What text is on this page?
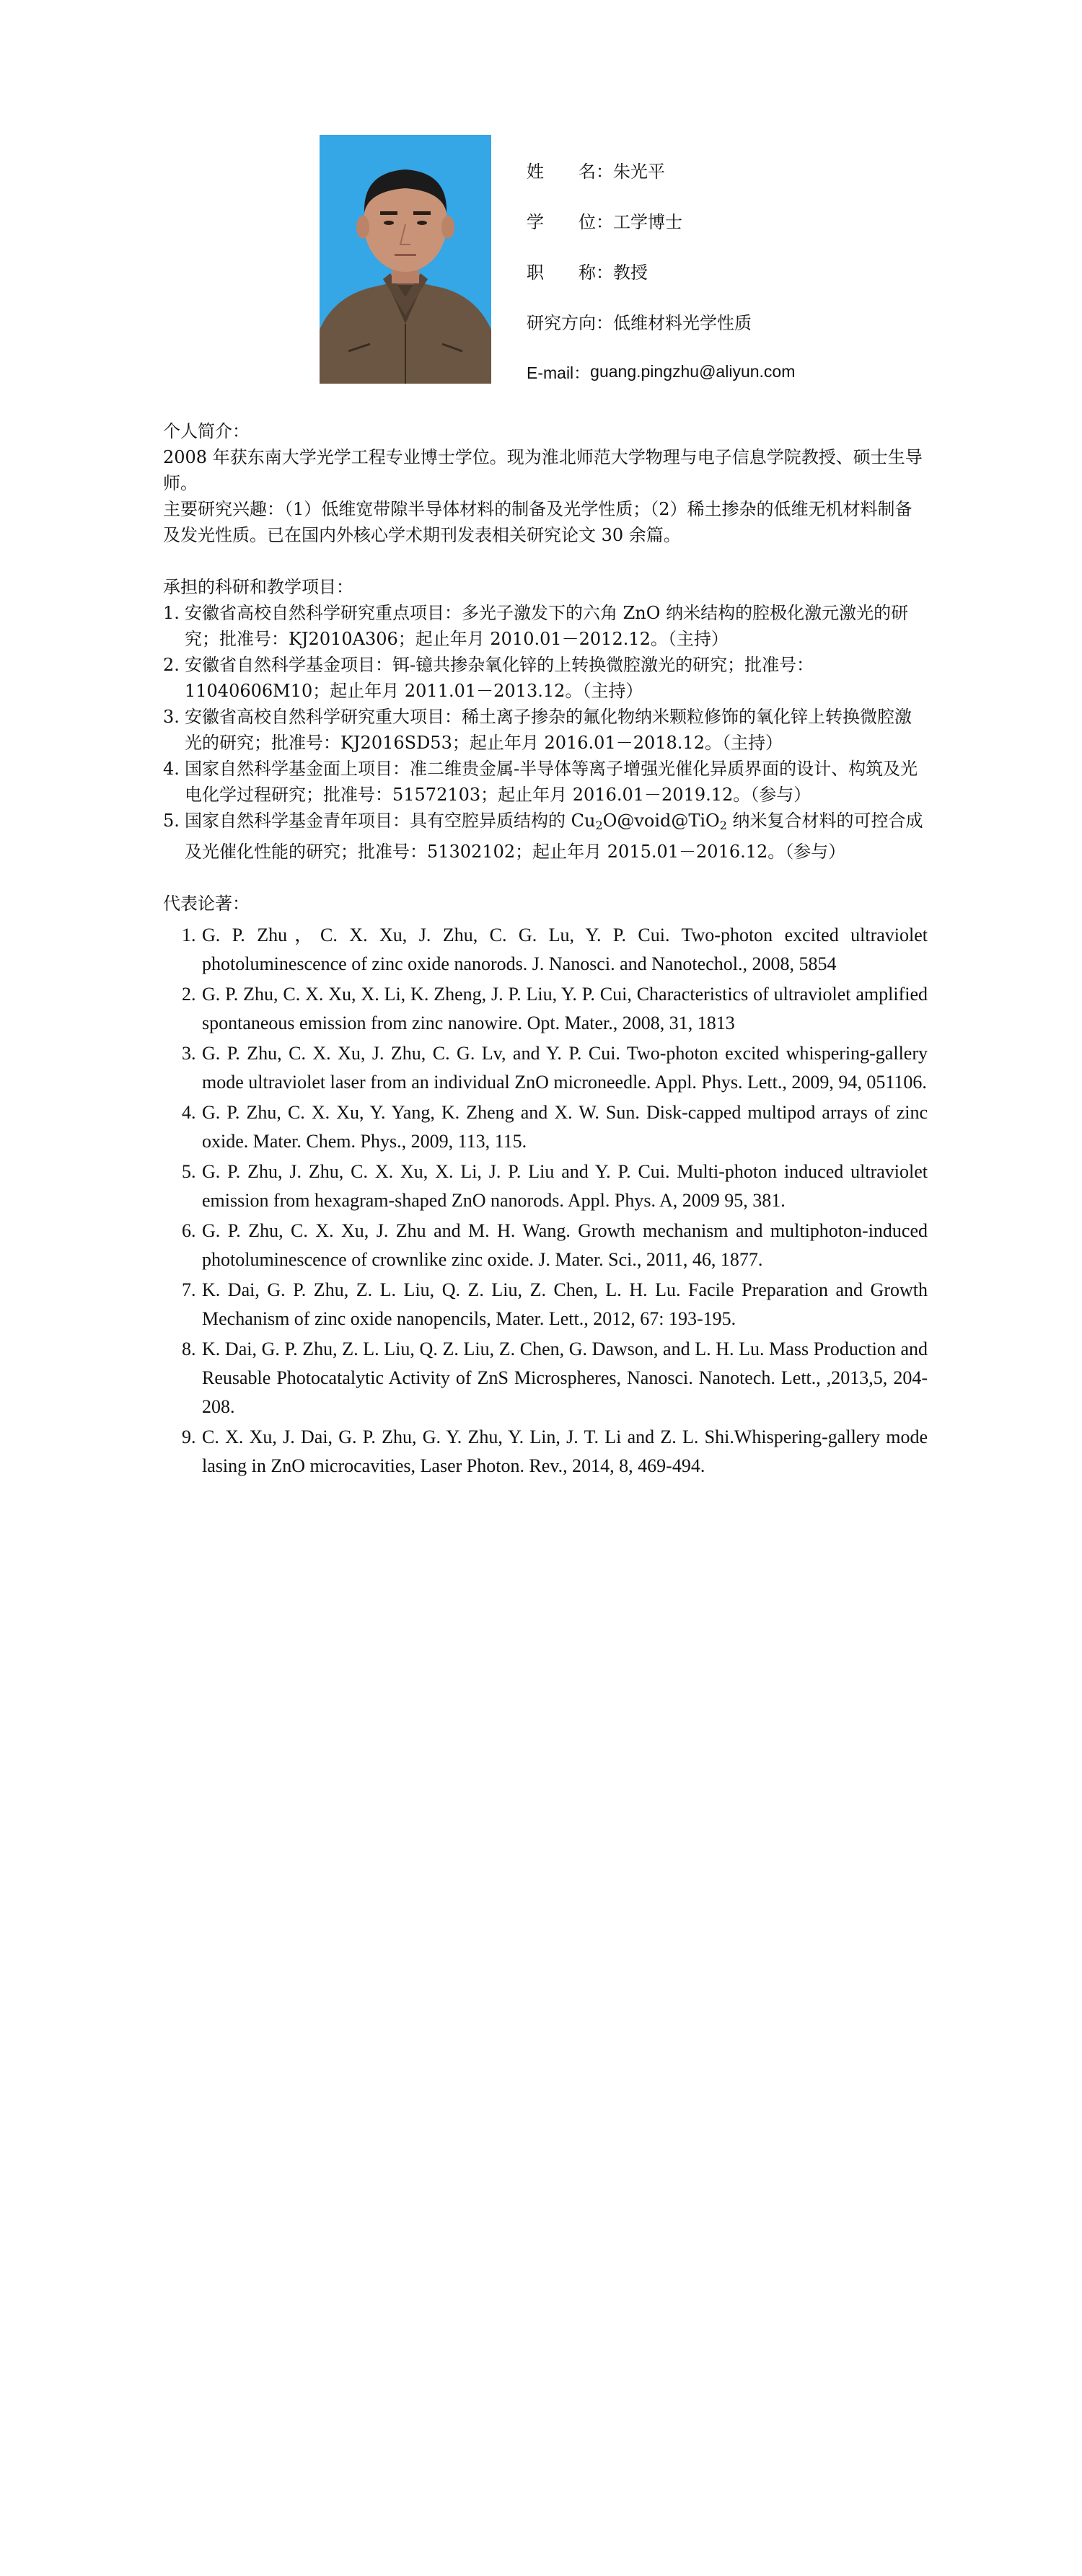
姓　　名： 朱光平
学　　位： 工学博士
职　　称： 教授
研究方向： 低维材料光学性质
E-mail： guang.pingzhu@aliyun.com

个人简介：

2008 年获东南大学光学工程专业博士学位。现为淮北师范大学物理与电子信息学院教授、硕士生导师。

主要研究兴趣：（1）低维宽带隙半导体材料的制备及光学性质；（2）稀土掺杂的低维无机材料制备及发光性质。已在国内外核心学术期刊发表相关研究论文 30 余篇。

承担的科研和教学项目：

1. 安徽省高校自然科学研究重点项目：多光子激发下的六角 ZnO 纳米结构的腔极化激元激光的研究；批准号：KJ2010A306；起止年月 2010.01－2012.12。（主持）
2. 安徽省自然科学基金项目：铒-镱共掺杂氧化锌的上转换微腔激光的研究；批准号：11040606M10；起止年月 2011.01－2013.12。（主持）
3. 安徽省高校自然科学研究重大项目：稀土离子掺杂的氟化物纳米颗粒修饰的氧化锌上转换微腔激光的研究；批准号：KJ2016SD53；起止年月 2016.01－2018.12。（主持）
4. 国家自然科学基金面上项目：准二维贵金属-半导体等离子增强光催化异质界面的设计、构筑及光电化学过程研究；批准号：51572103；起止年月 2016.01－2019.12。（参与）
5. 国家自然科学基金青年项目：具有空腔异质结构的 $Cu_2O@void@TiO_2$ 纳米复合材料的可控合成及光催化性能的研究；批准号：51302102；起止年月 2015.01－2016.12。（参与）

代表论著：

1. G. P. Zhu，C. X. Xu, J. Zhu, C. G. Lu, Y. P. Cui. Two-photon excited ultraviolet photoluminescence of zinc oxide nanorods. J. Nanosci. and Nanotechol., 2008, 5854
2. G. P. Zhu, C. X. Xu, X. Li, K. Zheng, J. P. Liu, Y. P. Cui, Characteristics of ultraviolet amplified spontaneous emission from zinc nanowire. Opt. Mater., 2008, 31, 1813
3. G. P. Zhu, C. X. Xu, J. Zhu, C. G. Lv, and Y. P. Cui. Two-photon excited whispering-gallery mode ultraviolet laser from an individual ZnO microneedle. Appl. Phys. Lett., 2009, 94, 051106.
4. G. P. Zhu, C. X. Xu, Y. Yang, K. Zheng and X. W. Sun. Disk-capped multipod arrays of zinc oxide. Mater. Chem. Phys., 2009, 113, 115.
5. G. P. Zhu, J. Zhu, C. X. Xu, X. Li, J. P. Liu and Y. P. Cui. Multi-photon induced ultraviolet emission from hexagram-shaped ZnO nanorods. Appl. Phys. A, 2009 95, 381.
6. G. P. Zhu, C. X. Xu, J. Zhu and M. H. Wang. Growth mechanism and multiphoton-induced photoluminescence of crownlike zinc oxide. J. Mater. Sci., 2011, 46, 1877.
7. K. Dai, G. P. Zhu, Z. L. Liu, Q. Z. Liu, Z. Chen, L. H. Lu. Facile Preparation and Growth Mechanism of zinc oxide nanopencils, Mater. Lett., 2012, 67: 193-195.
8. K. Dai, G. P. Zhu, Z. L. Liu, Q. Z. Liu, Z. Chen, G. Dawson, and L. H. Lu. Mass Production and Reusable Photocatalytic Activity of ZnS Microspheres, Nanosci. Nanotech. Lett., ,2013,5, 204-208.
9. C. X. Xu, J. Dai, G. P. Zhu, G. Y. Zhu, Y. Lin, J. T. Li and Z. L. Shi.Whispering-gallery mode lasing in ZnO microcavities, Laser Photon. Rev., 2014, 8, 469-494.
